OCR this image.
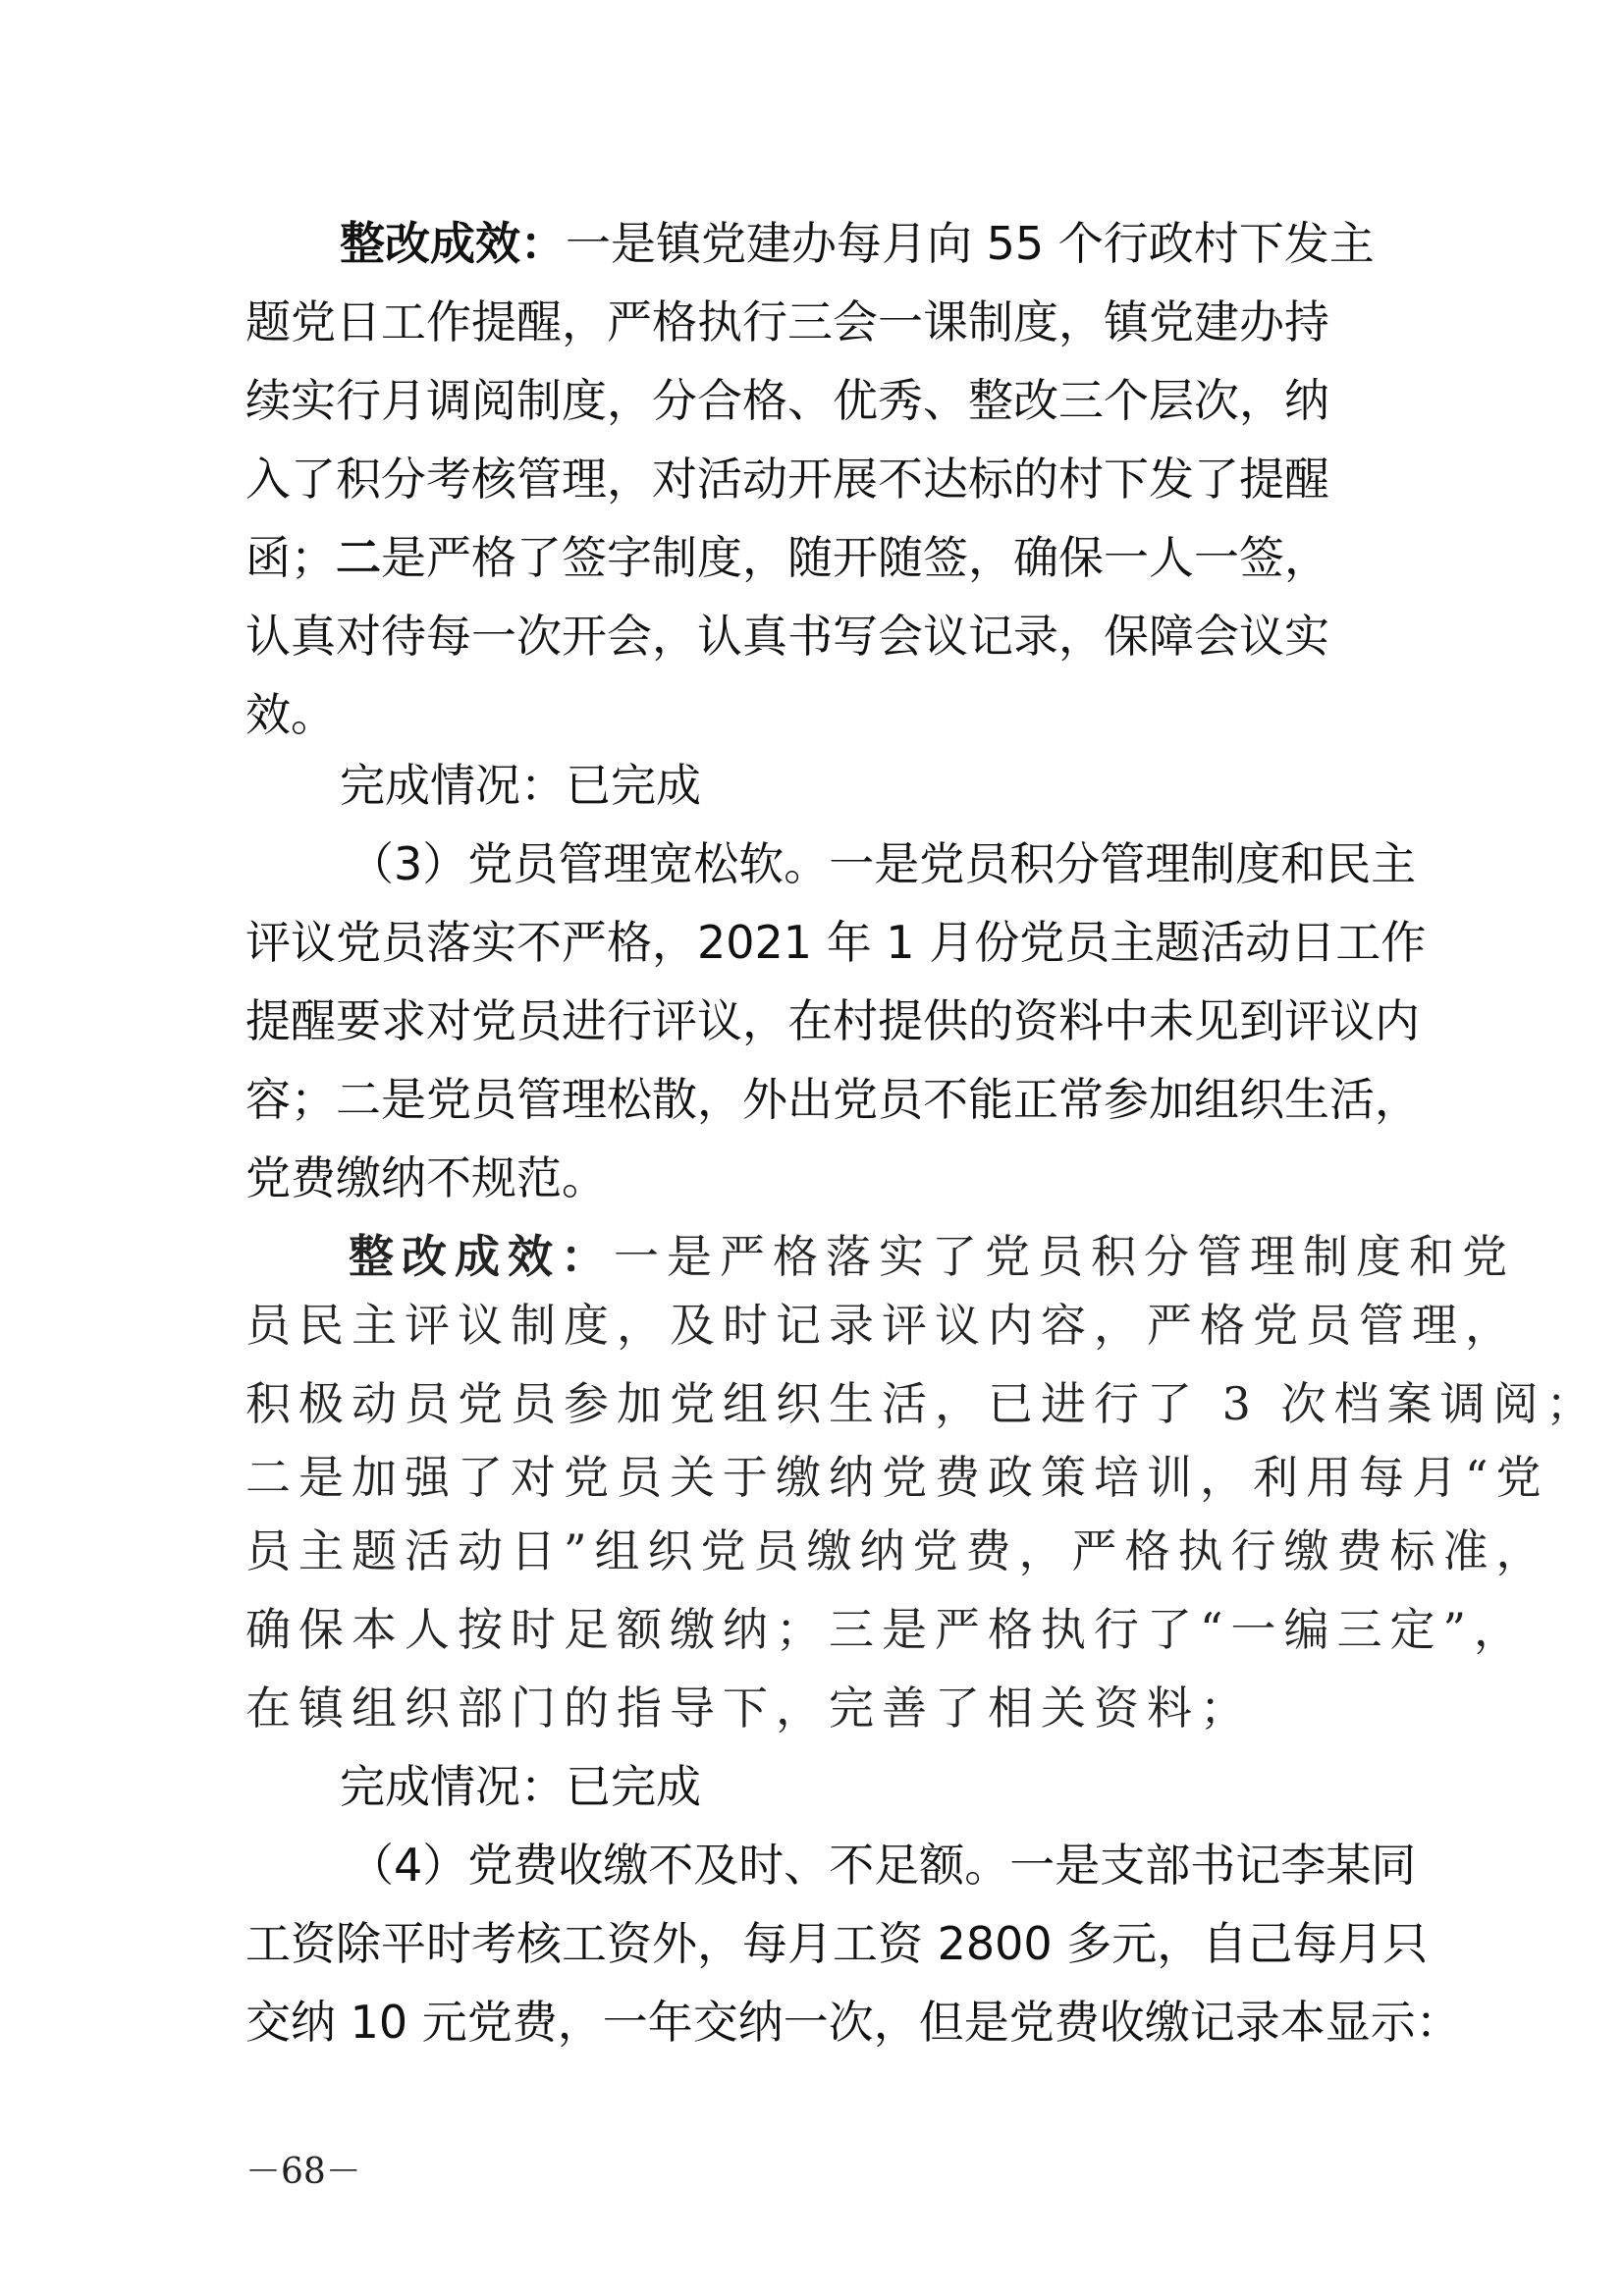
整改成效：一是镇党建办每月向 55 个行政村下发主
题党日工作提醒，严格执行三会一课制度，镇党建办持
续实行月调阅制度，分合格、优秀、整改三个层次，纳
入了积分考核管理，对活动开展不达标的村下发了提醒
函；二是严格了签字制度，随开随签，确保一人一签，
认真对待每一次开会，认真书写会议记录，保障会议实
效。
完成情况：已完成
（3）党员管理宽松软。一是党员积分管理制度和民主
评议党员落实不严格，2021 年 1 月份党员主题活动日工作
提醒要求对党员进行评议，在村提供的资料中未见到评议内
容；二是党员管理松散，外出党员不能正常参加组织生活，
党费缴纳不规范。
整改成效：一是严格落实了党员积分管理制度和党
员民主评议制度，及时记录评议内容，严格党员管理，
积极动员党员参加党组织生活，已进行了 3 次档案调阅；
二是加强了对党员关于缴纳党费政策培训，利用每月“党
员主题活动日”组织党员缴纳党费，严格执行缴费标准，
确保本人按时足额缴纳；三是严格执行了“一编三定”，
在镇组织部门的指导下，完善了相关资料；
完成情况：已完成
（4）党费收缴不及时、不足额。一是支部书记李某同
工资除平时考核工资外，每月工资 2800 多元，自己每月只
交纳 10 元党费，一年交纳一次，但是党费收缴记录本显示：
－68－
